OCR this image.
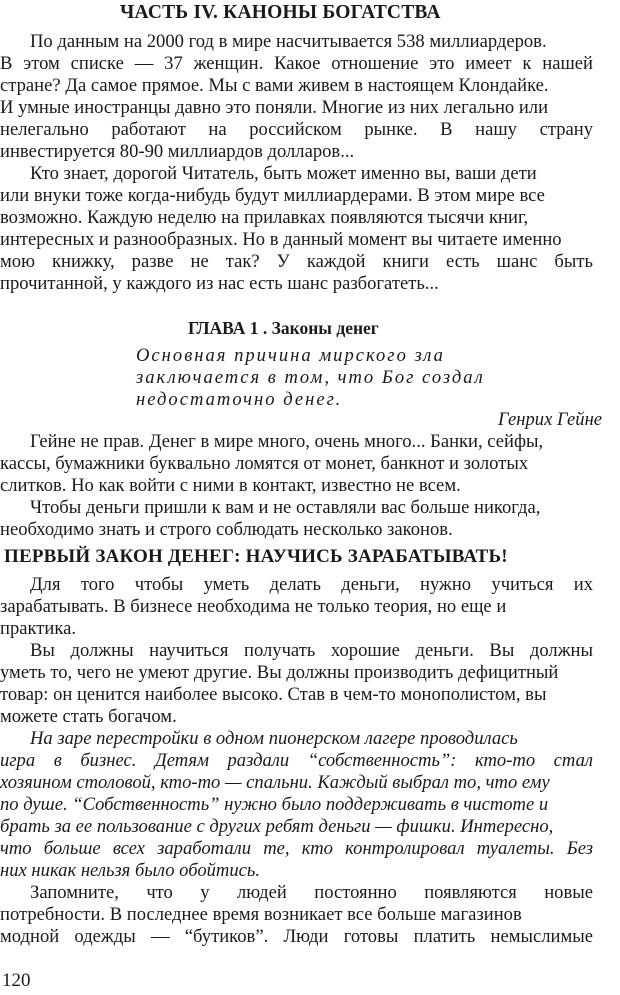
ЧАСТЬ IV. КАНОНЫ БОГАТСТВА
По данным на 2000 год в мире насчитывается 538 миллиардеров.
В этом списке — 37 женщин. Какое отношение это имеет к нашей
стране? Да самое прямое. Мы с вами живем в настоящем Клондайке.
И умные иностранцы давно это поняли. Многие из них легально или
нелегально работают на российском рынке. В нашу страну
инвестируется 80-90 миллиардов долларов...
Кто знает, дорогой Читатель, быть может именно вы, ваши дети
или внуки тоже когда-нибудь будут миллиардерами. В этом мире все
возможно. Каждую неделю на прилавках появляются тысячи книг,
интересных и разнообразных. Но в данный момент вы читаете именно
мою книжку, разве не так? У каждой книги есть шанс быть
прочитанной, у каждого из нас есть шанс разбогатеть...
ГЛАВА 1 . Законы денег
Основная причина мирского зла
заключается в том, что Бог создал
недостаточно денег.
Генрих Гейне
Гейне не прав. Денег в мире много, очень много... Банки, сейфы,
кассы, бумажники буквально ломятся от монет, банкнот и золотых
слитков. Но как войти с ними в контакт, известно не всем.
Чтобы деньги пришли к вам и не оставляли вас больше никогда,
необходимо знать и строго соблюдать несколько законов.
ПЕРВЫЙ ЗАКОН ДЕНЕГ: НАУЧИСЬ ЗАРАБАТЫВАТЬ!
Для того чтобы уметь делать деньги, нужно учиться их
зарабатывать. В бизнесе необходима не только теория, но еще и
практика.
Вы должны научиться получать хорошие деньги. Вы должны
уметь то, чего не умеют другие. Вы должны производить дефицитный
товар: он ценится наиболее высоко. Став в чем-то монополистом, вы
можете стать богачом.
На заре перестройки в одном пионерском лагере проводилась
игра в бизнес. Детям раздали “собственность”: кто-то стал
хозяином столовой, кто-то — спальни. Каждый выбрал то, что ему
по душе. “Собственность” нужно было поддерживать в чистоте и
брать за ее пользование с других ребят деньги — фишки. Интересно,
что больше всех заработали те, кто контролировал туалеты. Без
них никак нельзя было обойтись.
Запомните, что у людей постоянно появляются новые
потребности. В последнее время возникает все больше магазинов
модной одежды — “бутиков”. Люди готовы платить немыслимые
120
